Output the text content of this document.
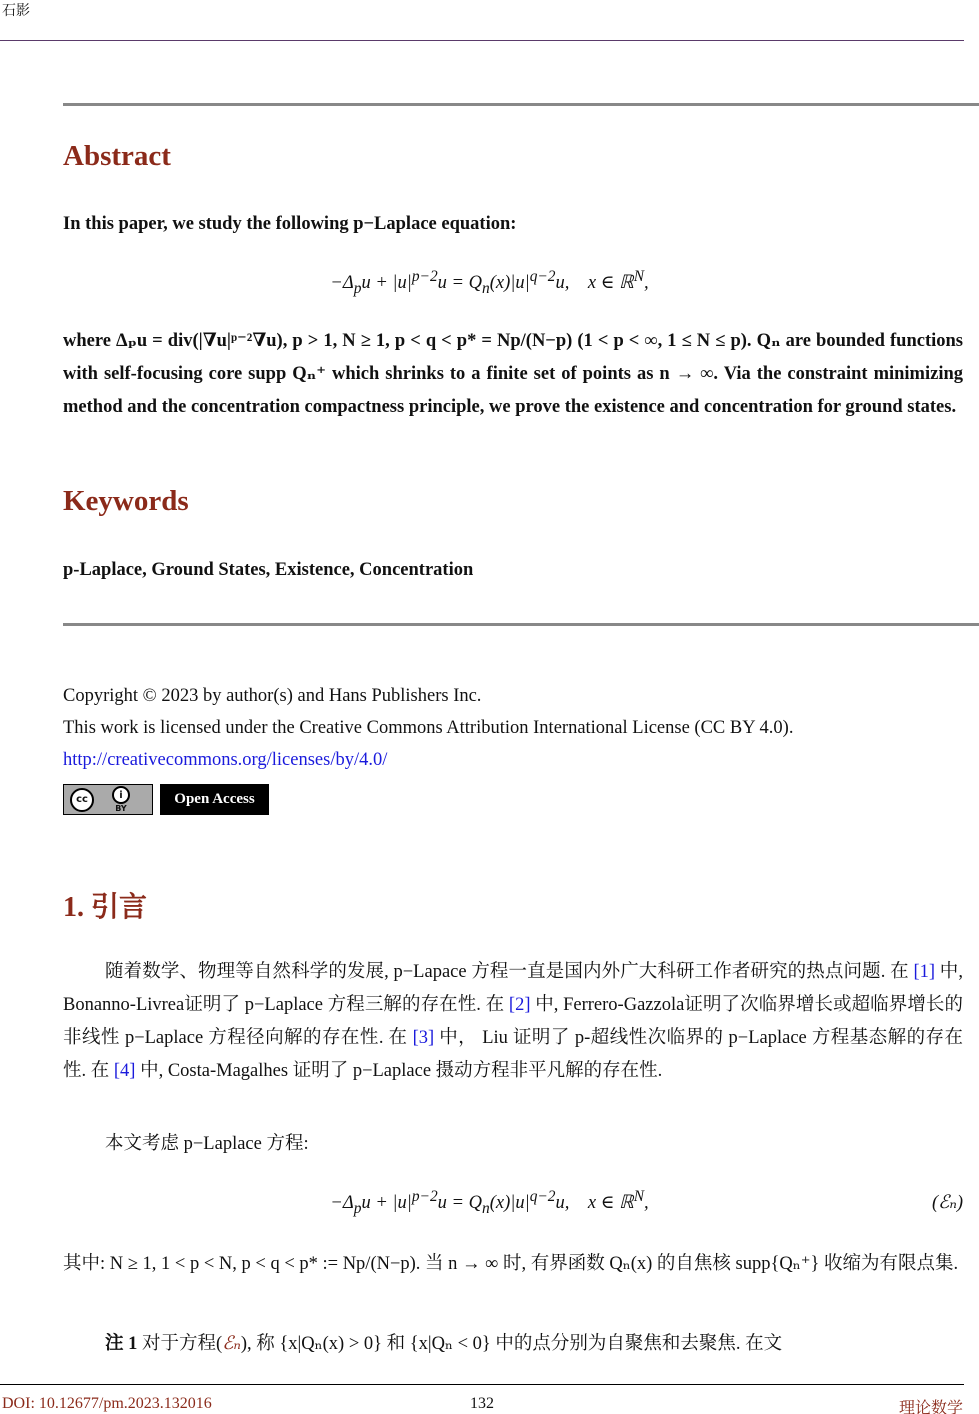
石影
Abstract
In this paper, we study the following p−Laplace equation:
$-\Delta_pu + |u|^{p-2}u = Q_n(x)|u|^{q-2}u$,    x ∈ ℝ$^N$,
where Δₚu = div(|∇u|ᵖ⁻²∇u), p > 1, N ≥ 1, p < q < p* = Np/(N−p) (1 < p < ∞, 1 ≤ N ≤ p). Qₙ are bounded functions with self-focusing core supp Qₙ⁺ which shrinks to a finite set of points as n → ∞. Via the constraint minimizing method and the concentration compactness principle, we prove the existence and concentration for ground states.
Keywords
p-Laplace, Ground States, Existence, Concentration
Copyright © 2023 by author(s) and Hans Publishers Inc.
This work is licensed under the Creative Commons Attribution International License (CC BY 4.0).
http://creativecommons.org/licenses/by/4.0/
cc	i
BY
Open Access
1. 引言
随着数学、物理等自然科学的发展, p−Lapace 方程一直是国内外广大科研工作者研究的热点问题. 在 [1] 中, Bonanno-Livrea证明了 p−Laplace 方程三解的存在性. 在 [2] 中, Ferrero-Gazzola证明了次临界增长或超临界增长的非线性 p−Laplace 方程径向解的存在性. 在 [3] 中， Liu 证明了 p-超线性次临界的 p−Laplace 方程基态解的存在性. 在 [4] 中, Costa-Magalhes 证明了 p−Laplace 摄动方程非平凡解的存在性.
本文考虑 p−Laplace 方程:
$-\Delta_pu + |u|^{p-2}u = Q_n(x)|u|^{q-2}u$,    x ∈ ℝ$^N$,	(ℰₙ)
其中: N ≥ 1, 1 < p < N, p < q < p* := Np/(N−p). 当 n → ∞ 时, 有界函数 Qₙ(x) 的自焦核 supp{Qₙ⁺} 收缩为有限点集.
注 1 对于方程(ℰₙ), 称 {x|Qₙ(x) > 0} 和 {x|Qₙ < 0} 中的点分别为自聚焦和去聚焦. 在文
DOI: 10.12677/pm.2023.132016	132	理论数学
